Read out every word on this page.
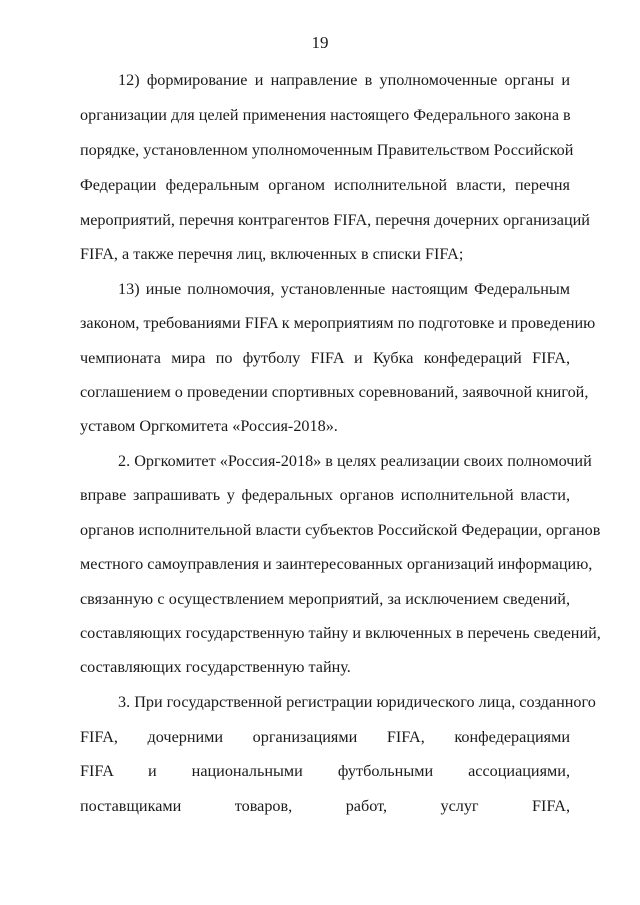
19
12) формирование и направление в уполномоченные органы и
организации для целей применения настоящего Федерального закона в
порядке, установленном уполномоченным Правительством Российской
Федерации федеральным органом исполнительной власти, перечня
мероприятий, перечня контрагентов FIFA, перечня дочерних организаций
FIFA, а также перечня лиц, включенных в списки FIFA;
13) иные полномочия, установленные настоящим Федеральным
законом, требованиями FIFA к мероприятиям по подготовке и проведению
чемпионата мира по футболу FIFA и Кубка конфедераций FIFA,
соглашением о проведении спортивных соревнований, заявочной книгой,
уставом Оргкомитета «Россия-2018».
2. Оргкомитет «Россия-2018» в целях реализации своих полномочий
вправе запрашивать у федеральных органов исполнительной власти,
органов исполнительной власти субъектов Российской Федерации, органов
местного самоуправления и заинтересованных организаций информацию,
связанную с осуществлением мероприятий, за исключением сведений,
составляющих государственную тайну и включенных в перечень сведений,
составляющих государственную тайну.
3. При государственной регистрации юридического лица, созданного
FIFA, дочерними организациями FIFA, конфедерациями
FIFA и национальными футбольными ассоциациями,
поставщиками товаров, работ, услуг FIFA,
